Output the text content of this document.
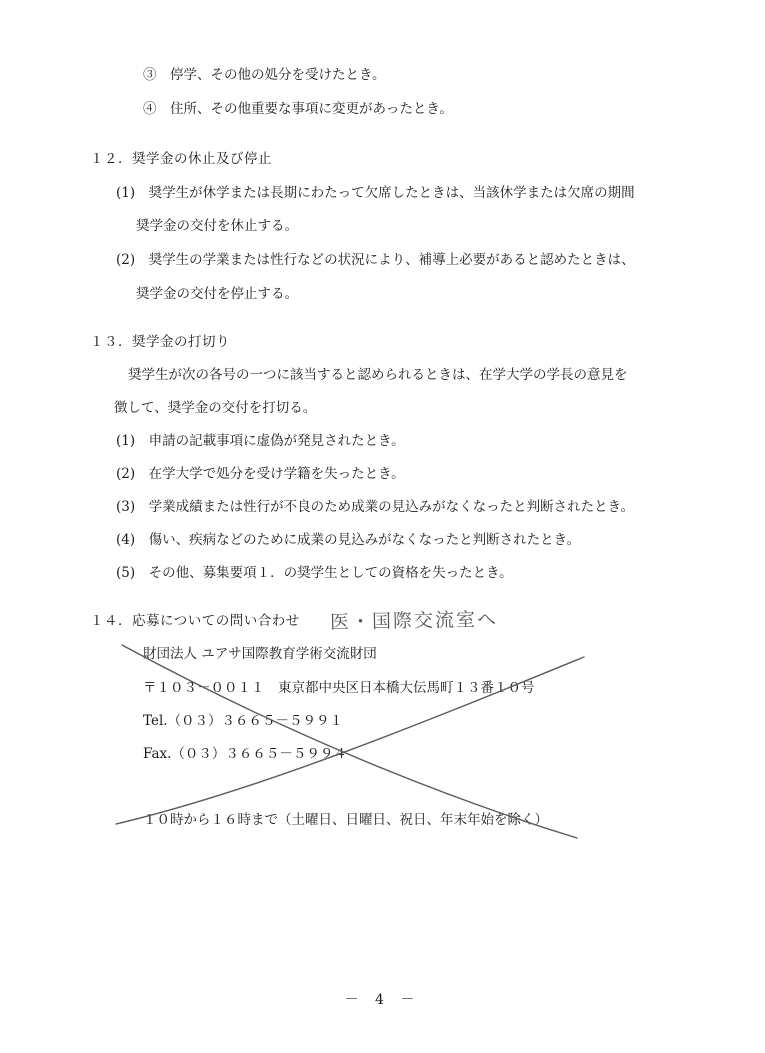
③　停学、その他の処分を受けたとき。
④　住所、その他重要な事項に変更があったとき。
１２．奨学金の休止及び停止
(1)　奨学生が休学または長期にわたって欠席したときは、当該休学または欠席の期間
奨学金の交付を休止する。
(2)　奨学生の学業または性行などの状況により、補導上必要があると認めたときは、
奨学金の交付を停止する。
１３．奨学金の打切り
奨学生が次の各号の一つに該当すると認められるときは、在学大学の学長の意見を
徴して、奨学金の交付を打切る。
(1)　申請の記載事項に虚偽が発見されたとき。
(2)　在学大学で処分を受け学籍を失ったとき。
(3)　学業成績または性行が不良のため成業の見込みがなくなったと判断されたとき。
(4)　傷い、疾病などのために成業の見込みがなくなったと判断されたとき。
(5)　その他、募集要項１．の奨学生としての資格を失ったとき。
１４．応募についての問い合わせ 医・国際交流室へ
財団法人 ユアサ国際教育学術交流財団
〒１０３－００１１　東京都中央区日本橋大伝馬町１３番１０号
Tel.（０３）３６６５－５９９１
Fax.（０３）３６６５－５９９４
１０時から１６時まで（土曜日、日曜日、祝日、年末年始を除く）
－ 4 －
